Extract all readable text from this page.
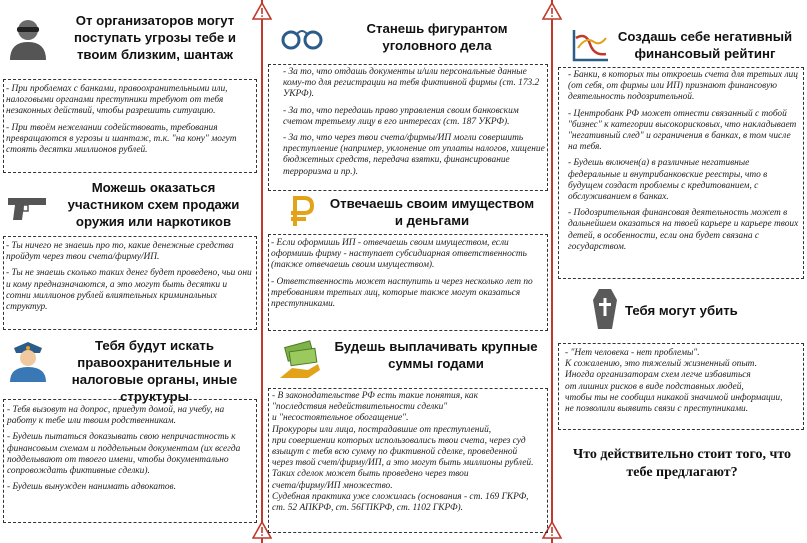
От организаторов могут поступать угрозы тебе и твоим близким, шантаж

- При проблемах с банками, правоохранительными или, налоговыми органами преступники требуют от тебя незаконных действий, чтобы разрешить ситуацию.

- При твоём нежелании содействовать, требования превращаются в угрозы и шантаж, т.к. "на кону" могут стоять десятки миллионов рублей.

Можешь оказаться участником схем продажи оружия или наркотиков

- Ты ничего не знаешь про то, какие денежные средства пройдут через твои счета/фирму/ИП.

- Ты не знаешь сколько таких денег будет проведено, чьи они и кому предназначаются, а это могут быть десятки и сотни миллионов рублей влиятельных криминальных структур.

Тебя будут искать правоохранительные и налоговые органы, иные структуры

- Тебя вызовут на допрос, приедут домой, на учебу, на работу к тебе или твоим родственникам.

- Будешь пытаться доказывать свою непричастность к финансовым схемам и поддельным документам (их всегда подделывают от твоего имени, чтобы документально сопровождать фиктивные сделки).

- Будешь вынужден нанимать адвокатов.

Станешь фигурантом уголовного дела

- За то, что отдашь документы и/или персональные данные кому-то для регистрации на тебя фиктивной фирмы (ст. 173.2 УКРФ).

- За то, что передашь право управления своим банковским счетом третьему лицу в его интересах (ст. 187 УКРФ).

- За то, что через твои счета/фирмы/ИП могли совершить преступление (например, уклонение от уплаты налогов, хищение бюджетных средств, передача взятки, финансирование терроризма и пр.).

Отвечаешь своим имуществом и деньгами

- Если оформишь ИП - отвечаешь своим имуществом, если оформишь фирму - наступает субсидиарная ответственность (также отвечаешь своим имуществом).

- Ответственность может наступить и через несколько лет по требованиям третьих лиц, которые также могут оказаться преступниками.

Будешь выплачивать крупные суммы годами
- В законодательстве РФ есть такие понятия, как
"последствия недействительности сделки"
и "несостоятельное обогащение".
Прокуроры или лица, пострадавшие от преступлений,
при совершении которых использовались твои счета, через суд
взыщут с тебя всю сумму по фиктивной сделке, проведенной
через твой счет/фирму/ИП, а это могут быть миллионы рублей.
Таких сделок может быть проведено через твои
счета/фирму/ИП множество.
Судебная практика уже сложилась (основания - ст. 169 ГКРФ,
ст. 52 АПКРФ, ст. 56ГПКРФ, ст. 1102 ГКРФ).
Создашь себе негативный финансовый рейтинг

- Банки, в которых ты откроешь счета для третьих лиц (от себя, от фирмы или ИП) признают финансовую деятельность подозрительной.

- Центробанк РФ может отнести связанный с тобой "бизнес" к категории высокорисковых, что накладывает "негативный след" и ограничения в банках, в том числе на тебя.

- Будешь включен(а) в различные негативные федеральные и внутрибанковские реестры, что в будущем создаст проблемы с кредитованием, с обслуживанием в банках.

- Подозрительная финансовая деятельность может в дальнейшем оказаться на твоей карьере и карьере твоих детей, в особенности, если она будет связана с государством.

Тебя могут убить
- "Нет человека - нет проблемы".
К сожалению, это тяжелый жизненный опыт.
Иногда организаторам схем легче избавиться
от лишних рисков в виде подставных людей,
чтобы ты не сообщил никакой значимой информации,
не позволили выявить связи с преступниками.
Что действительно стоит того, что тебе предлагают?
